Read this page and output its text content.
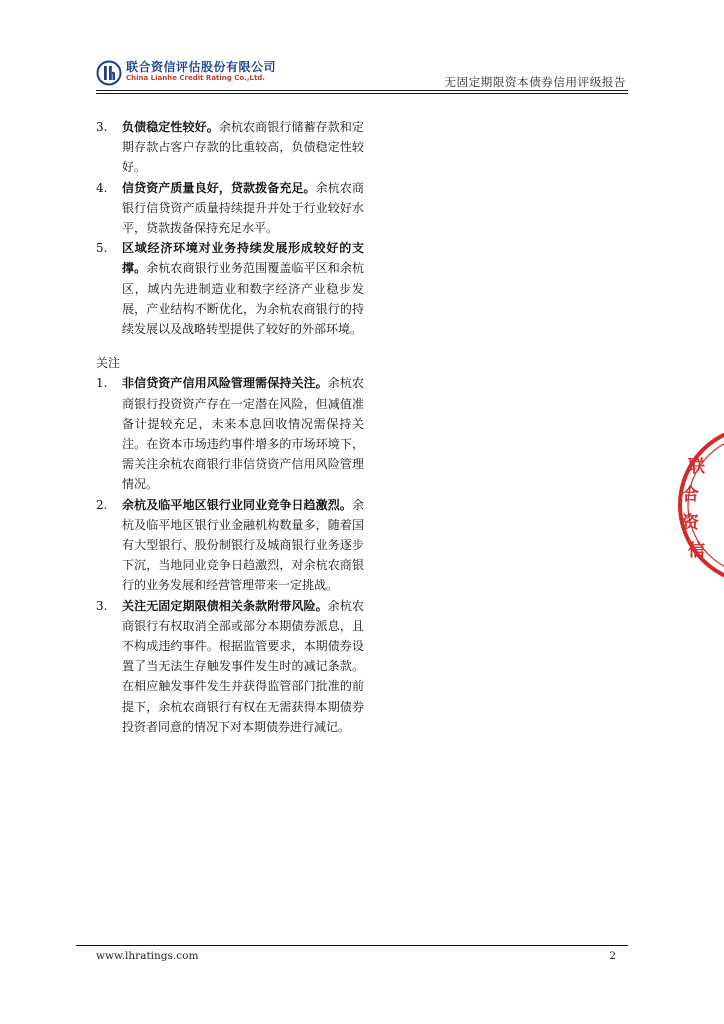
联合资信评估股份有限公司
China Lianhe Credit Rating Co.,Ltd.	无固定期限资本债券信用评级报告
3.	负债稳定性较好。余杭农商银行储蓄存款和定期存款占客户存款的比重较高，负债稳定性较好。
4.	信贷资产质量良好，贷款拨备充足。余杭农商银行信贷资产质量持续提升并处于行业较好水平，贷款拨备保持充足水平。
5.	区域经济环境对业务持续发展形成较好的支撑。余杭农商银行业务范围覆盖临平区和余杭区，域内先进制造业和数字经济产业稳步发展，产业结构不断优化，为余杭农商银行的持续发展以及战略转型提供了较好的外部环境。
关注
1.	非信贷资产信用风险管理需保持关注。余杭农商银行投资资产存在一定潜在风险，但减值准备计提较充足，未来本息回收情况需保持关注。在资本市场违约事件增多的市场环境下，需关注余杭农商银行非信贷资产信用风险管理情况。
2.	余杭及临平地区银行业同业竞争日趋激烈。余杭及临平地区银行业金融机构数量多，随着国有大型银行、股份制银行及城商银行业务逐步下沉，当地同业竞争日趋激烈，对余杭农商银行的业务发展和经营管理带来一定挑战。
3.	关注无固定期限债相关条款附带风险。余杭农商银行有权取消全部或部分本期债券派息，且不构成违约事件。根据监管要求，本期债券设置了当无法生存触发事件发生时的减记条款。在相应触发事件发生并获得监管部门批准的前提下，余杭农商银行有权在无需获得本期债券投资者同意的情况下对本期债券进行减记。
联 合 资 信
www.lhratings.com	2
